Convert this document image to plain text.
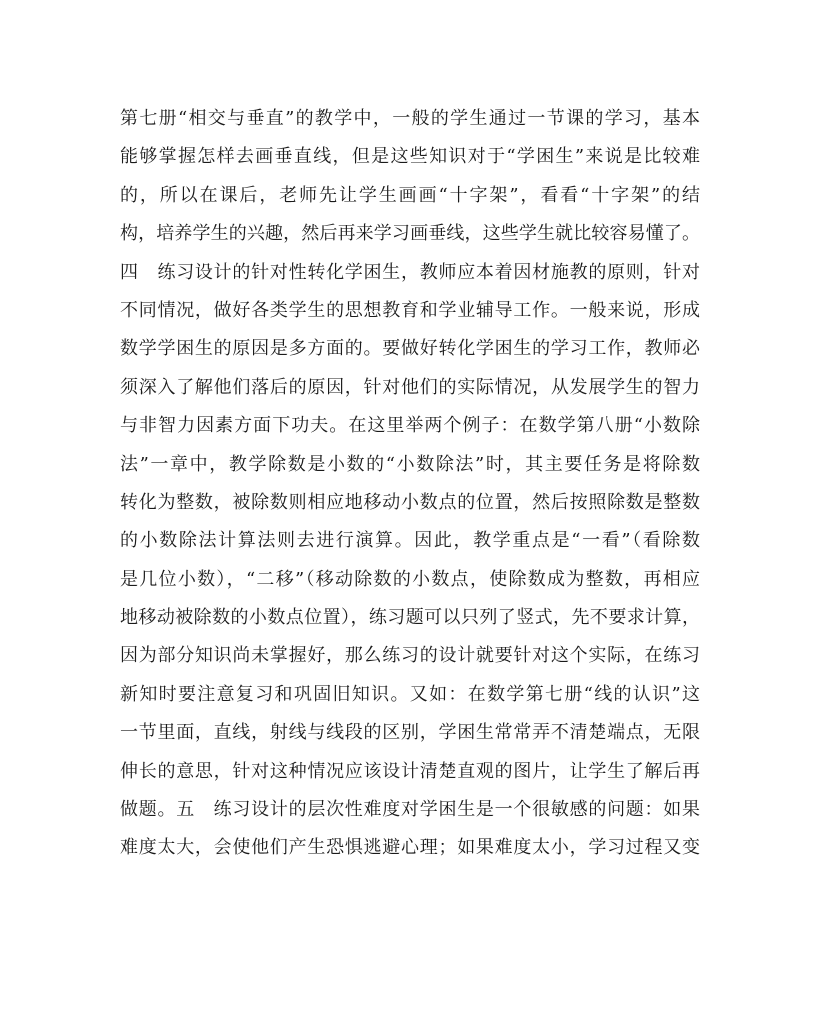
第七册“相交与垂直”的教学中，一般的学生通过一节课的学习，基本
能够掌握怎样去画垂直线，但是这些知识对于“学困生”来说是比较难
的，所以在课后，老师先让学生画画“十字架”，看看“十字架”的结
构，培养学生的兴趣，然后再来学习画垂线，这些学生就比较容易懂了。
四　练习设计的针对性转化学困生，教师应本着因材施教的原则，针对
不同情况，做好各类学生的思想教育和学业辅导工作。一般来说，形成
数学学困生的原因是多方面的。要做好转化学困生的学习工作，教师必
须深入了解他们落后的原因，针对他们的实际情况，从发展学生的智力
与非智力因素方面下功夫。在这里举两个例子：在数学第八册“小数除
法”一章中，教学除数是小数的“小数除法”时，其主要任务是将除数
转化为整数，被除数则相应地移动小数点的位置，然后按照除数是整数
的小数除法计算法则去进行演算。因此，教学重点是“一看”（看除数
是几位小数），“二移”（移动除数的小数点，使除数成为整数，再相应
地移动被除数的小数点位置），练习题可以只列了竖式，先不要求计算，
因为部分知识尚未掌握好，那么练习的设计就要针对这个实际，在练习
新知时要注意复习和巩固旧知识。又如：在数学第七册“线的认识”这
一节里面，直线，射线与线段的区别，学困生常常弄不清楚端点，无限
伸长的意思，针对这种情况应该设计清楚直观的图片，让学生了解后再
做题。五　练习设计的层次性难度对学困生是一个很敏感的问题：如果
难度太大，会使他们产生恐惧逃避心理；如果难度太小，学习过程又变
